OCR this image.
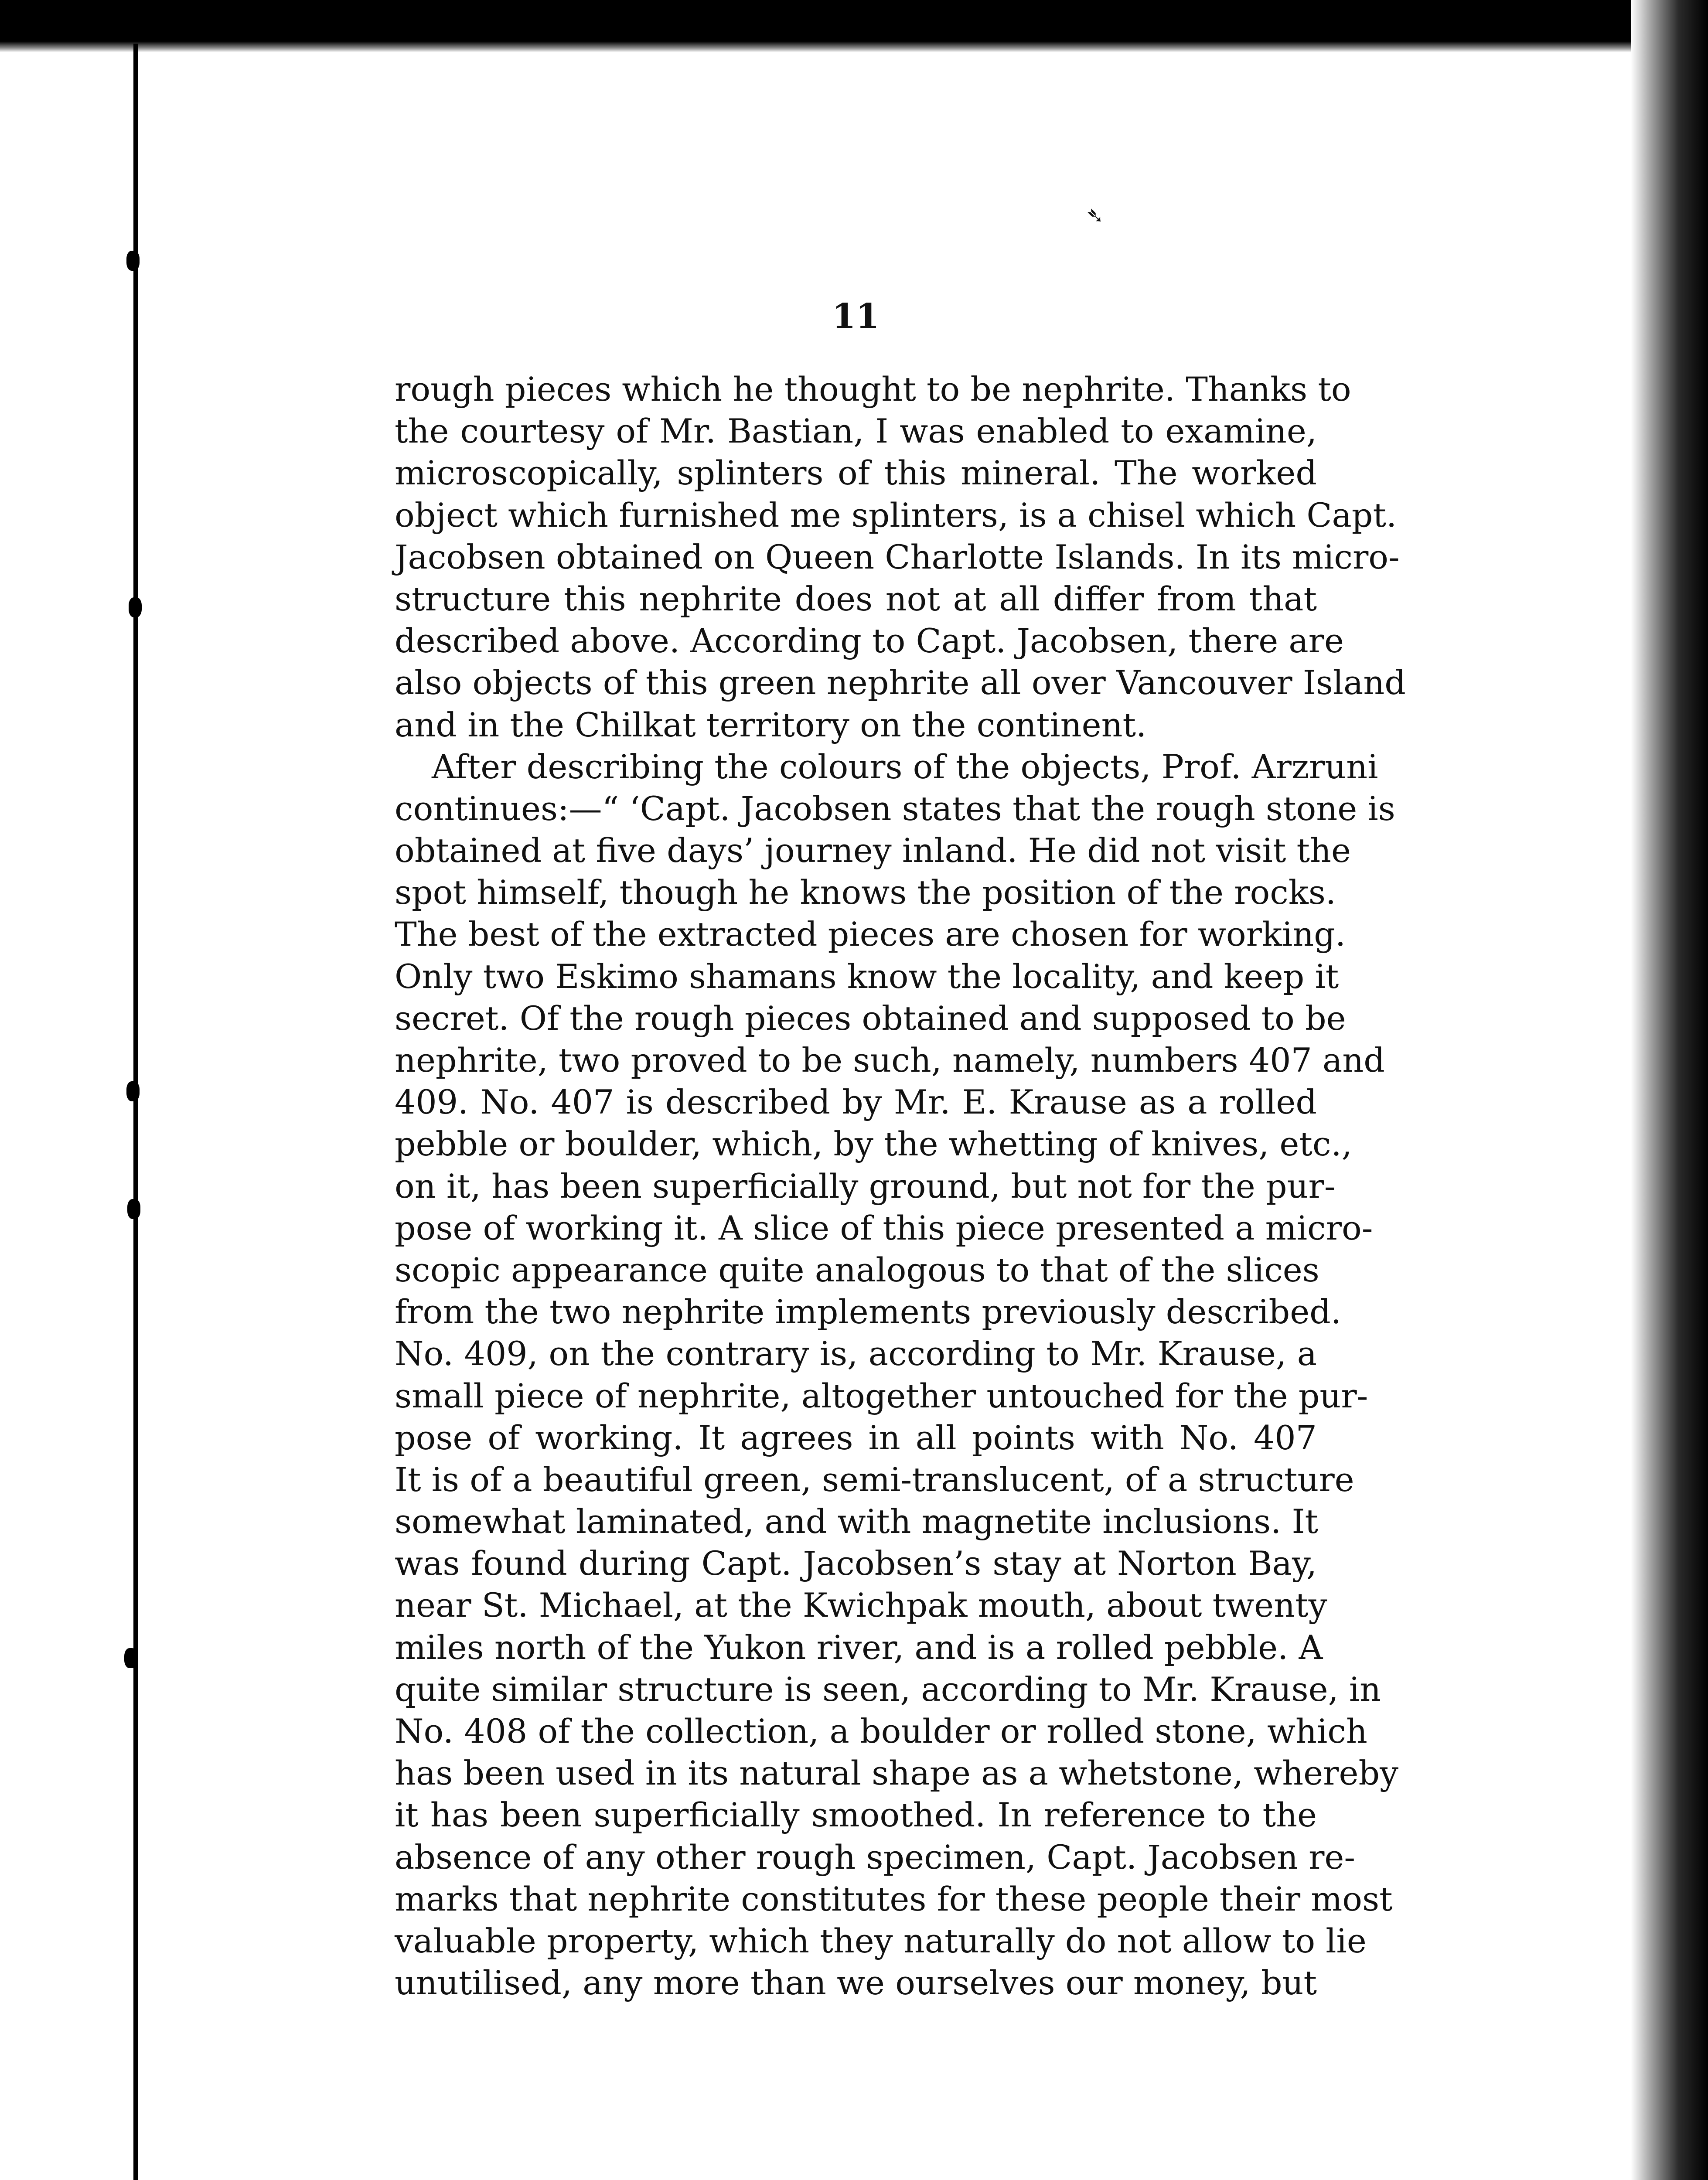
➴
11
rough pieces which he thought to be nephrite. Thanks to
the courtesy of Mr. Bastian, I was enabled to examine,
microscopically, splinters of this mineral. The worked
object which furnished me splinters, is a chisel which Capt.
Jacobsen obtained on Queen Charlotte Islands. In its micro-
structure this nephrite does not at all differ from that
described above. According to Capt. Jacobsen, there are
also objects of this green nephrite all over Vancouver Island
and in the Chilkat territory on the continent.
After describing the colours of the objects, Prof. Arzruni
continues:—“ ‘Capt. Jacobsen states that the rough stone is
obtained at five days’ journey inland. He did not visit the
spot himself, though he knows the position of the rocks.
The best of the extracted pieces are chosen for working.
Only two Eskimo shamans know the locality, and keep it
secret. Of the rough pieces obtained and supposed to be
nephrite, two proved to be such, namely, numbers 407 and
409. No. 407 is described by Mr. E. Krause as a rolled
pebble or boulder, which, by the whetting of knives, etc.,
on it, has been superficially ground, but not for the pur-
pose of working it. A slice of this piece presented a micro-
scopic appearance quite analogous to that of the slices
from the two nephrite implements previously described.
No. 409, on the contrary is, according to Mr. Krause, a
small piece of nephrite, altogether untouched for the pur-
pose of working. It agrees in all points with No. 407
It is of a beautiful green, semi-translucent, of a structure
somewhat laminated, and with magnetite inclusions. It
was found during Capt. Jacobsen’s stay at Norton Bay,
near St. Michael, at the Kwichpak mouth, about twenty
miles north of the Yukon river, and is a rolled pebble. A
quite similar structure is seen, according to Mr. Krause, in
No. 408 of the collection, a boulder or rolled stone, which
has been used in its natural shape as a whetstone, whereby
it has been superficially smoothed. In reference to the
absence of any other rough specimen, Capt. Jacobsen re-
marks that nephrite constitutes for these people their most
valuable property, which they naturally do not allow to lie
unutilised, any more than we ourselves our money, but
